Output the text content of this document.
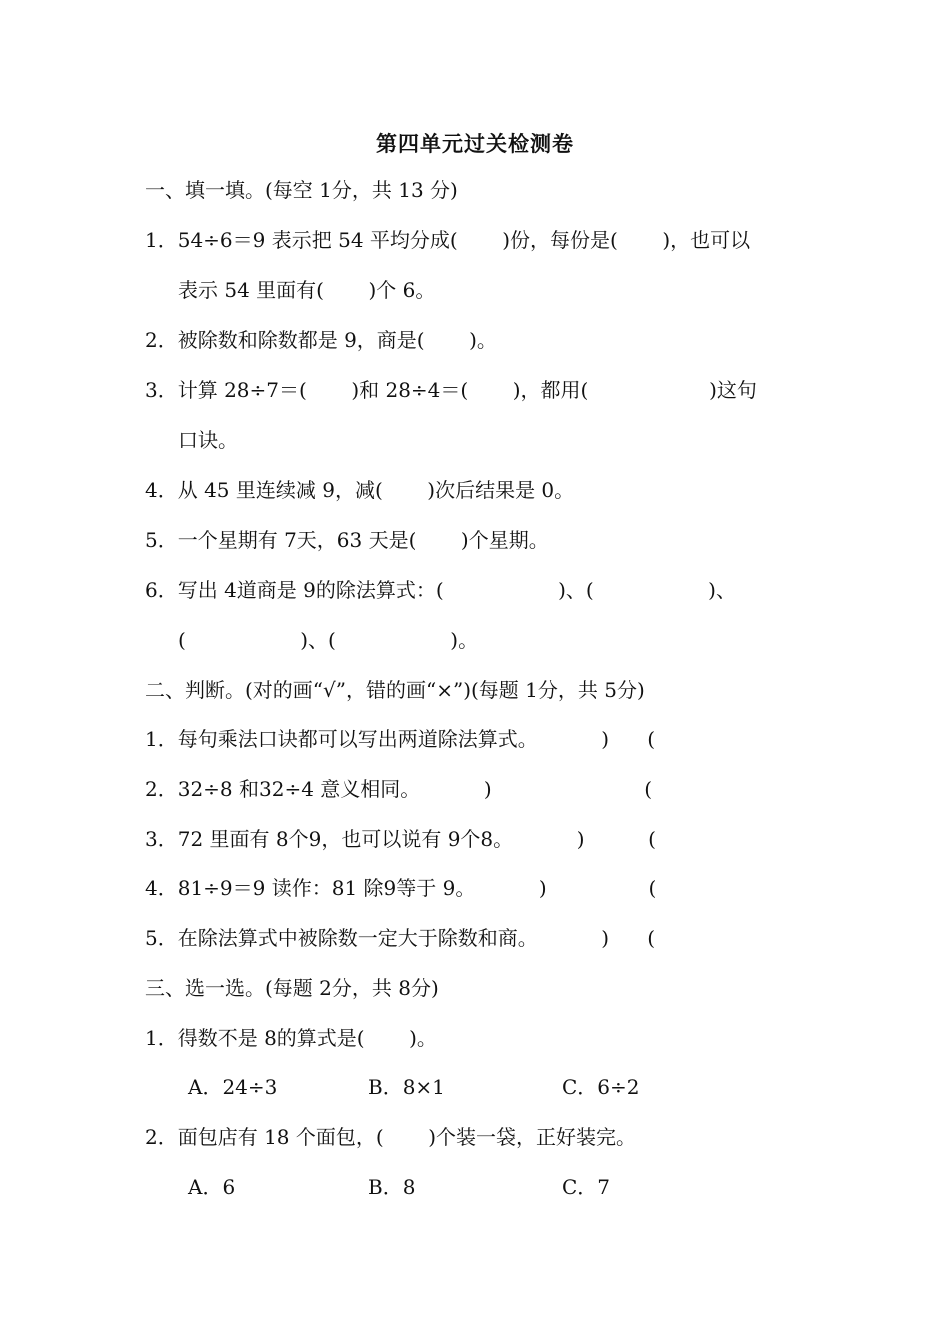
第四单元过关检测卷
一、填一填。(每空 1分，共 13 分)
1．54÷6＝9 表示把 54 平均分成(       )份，每份是(       )，也可以
表示 54 里面有(       )个 6。
2．被除数和除数都是 9，商是(       )。
3．计算 28÷7＝(       )和 28÷4＝(       )，都用(                   )这句
口诀。
4．从 45 里连续减 9，减(       )次后结果是 0。
5．一个星期有 7天，63 天是(       )个星期。
6．写出 4道商是 9的除法算式：(                  )、(                  )、
(                  )、(                  )。
二、判断。(对的画“√”，错的画“×”)(每题 1分，共 5分)
1．每句乘法口诀都可以写出两道除法算式。          )      (
2．32÷8 和32÷4 意义相同。          )                        (
3．72 里面有 8个9，也可以说有 9个8。          )          (
4．81÷9＝9 读作：81 除9等于 9。          )                (
5．在除法算式中被除数一定大于除数和商。          )      (
三、选一选。(每题 2分，共 8分)
1．得数不是 8的算式是(       )。
A．24÷3	B．8×1	C．6÷2
2．面包店有 18 个面包，(       )个装一袋，正好装完。
A．6	B．8	C．7
